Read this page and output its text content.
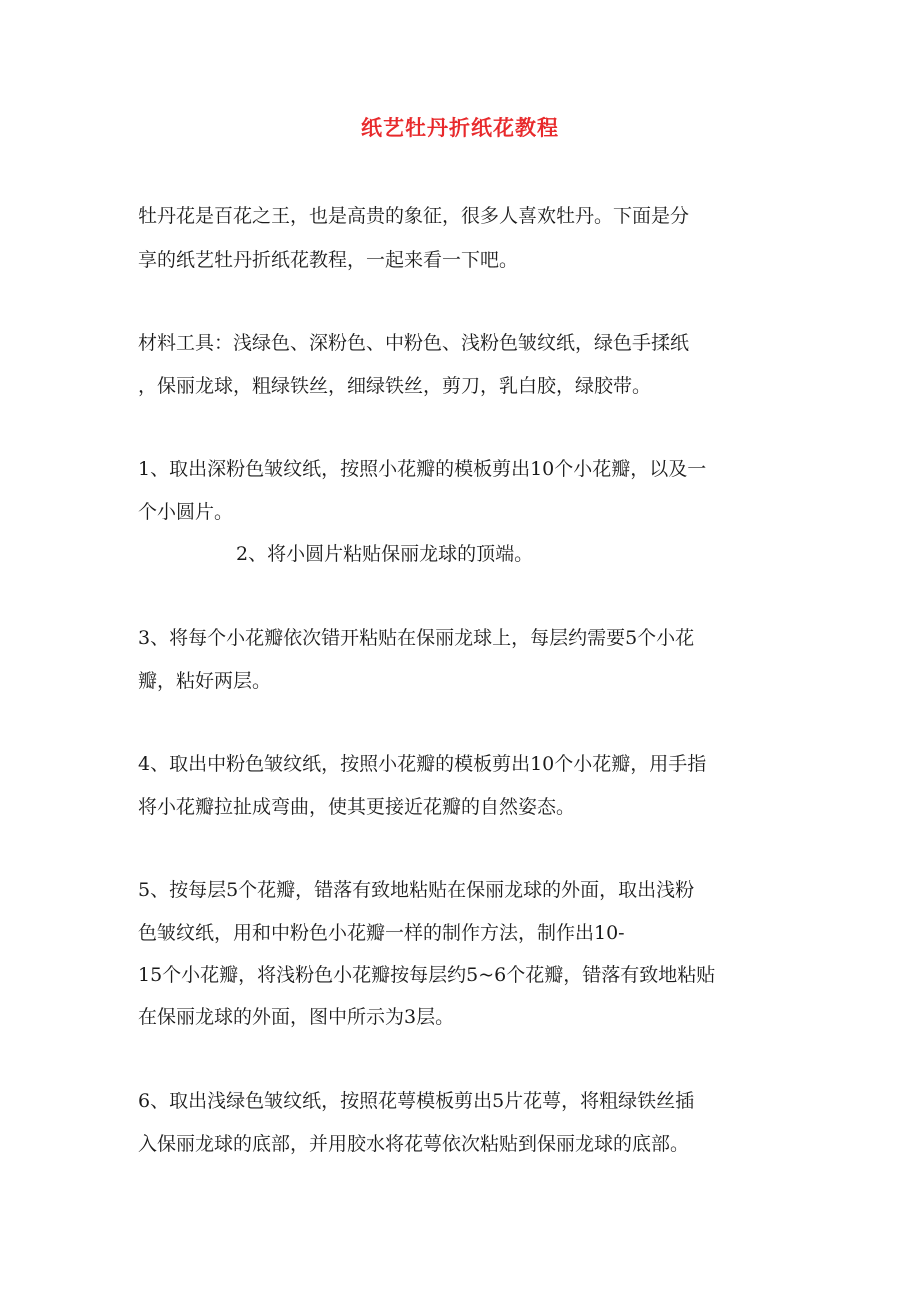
纸艺牡丹折纸花教程
牡丹花是百花之王，也是高贵的象征，很多人喜欢牡丹。下面是分
享的纸艺牡丹折纸花教程，一起来看一下吧。
材料工具：浅绿色、深粉色、中粉色、浅粉色皱纹纸，绿色手揉纸
，保丽龙球，粗绿铁丝，细绿铁丝，剪刀，乳白胶，绿胶带。
1、取出深粉色皱纹纸，按照小花瓣的模板剪出10个小花瓣，以及一
个小圆片。
2、将小圆片粘贴保丽龙球的顶端。
3、将每个小花瓣依次错开粘贴在保丽龙球上，每层约需要5个小花
瓣，粘好两层。
4、取出中粉色皱纹纸，按照小花瓣的模板剪出10个小花瓣，用手指
将小花瓣拉扯成弯曲，使其更接近花瓣的自然姿态。
5、按每层5个花瓣，错落有致地粘贴在保丽龙球的外面，取出浅粉
色皱纹纸，用和中粉色小花瓣一样的制作方法，制作出10-
15个小花瓣，将浅粉色小花瓣按每层约5~6个花瓣，错落有致地粘贴
在保丽龙球的外面，图中所示为3层。
6、取出浅绿色皱纹纸，按照花萼模板剪出5片花萼，将粗绿铁丝插
入保丽龙球的底部，并用胶水将花萼依次粘贴到保丽龙球的底部。
